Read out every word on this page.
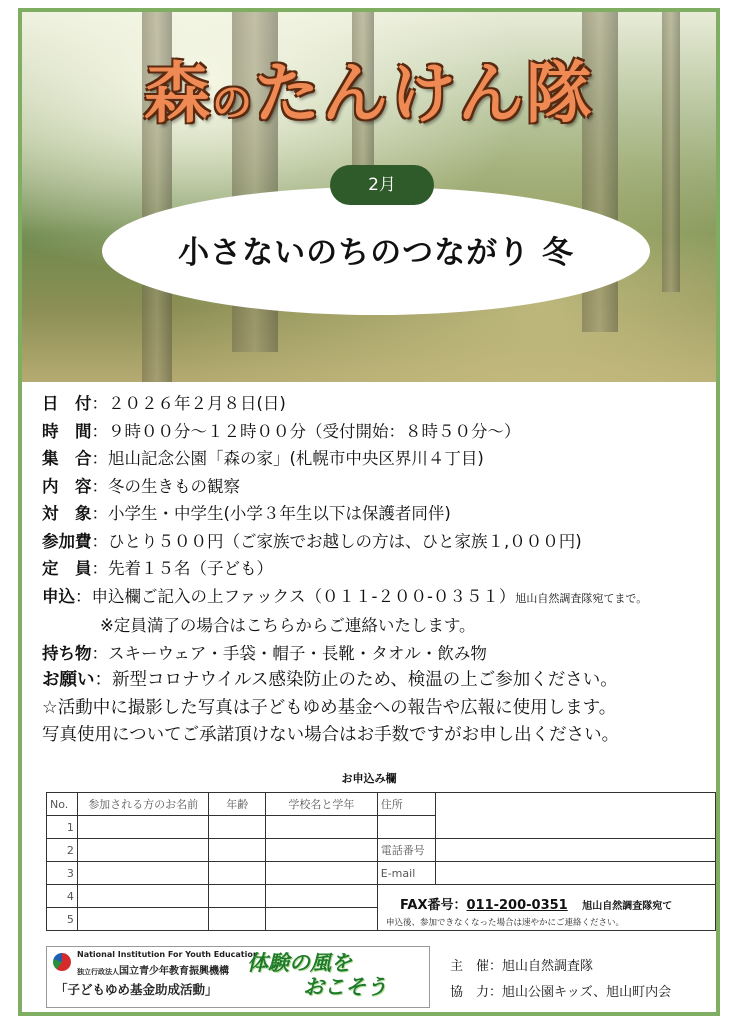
森のたんけん隊
小さないのちのつながり 冬
2月
日　付：２０２６年２月８日(日)
時　間：９時００分～１２時００分（受付開始：８時５０分～）
集　合：旭山記念公園「森の家」(札幌市中央区界川４丁目)
内　容：冬の生きもの観察
対　象：小学生・中学生(小学３年生以下は保護者同伴)
参加費：ひとり５００円（ご家族でお越しの方は、ひと家族１,０００円)
定　員：先着１５名（子ども）
申込：申込欄ご記入の上ファックス（０１１-２００-０３５１）旭山自然調査隊宛てまで。
※定員満了の場合はこちらからご連絡いたします。
持ち物：スキーウェア・手袋・帽子・長靴・タオル・飲み物
お願い：新型コロナウイルス感染防止のため、検温の上ご参加ください。
☆活動中に撮影した写真は子どもゆめ基金への報告や広報に使用します。
写真使用についてご承諾頂けない場合はお手数ですがお申し出ください。
お申込み欄
No.	参加される方のお名前	年齢	学校名と学年	住所	
1					
2				電話番号	
3				E-mail	
4					
5					
FAX番号：011-200-0351 旭山自然調査隊宛て
申込後、参加できなくなった場合は速やかにご連絡ください。
National Institution For Youth Education
独立行政法人国立青少年教育振興機構
「子どもゆめ基金助成活動」
体験の風を
おこそう
主　催：旭山自然調査隊
協　力：旭山公園キッズ、旭山町内会
